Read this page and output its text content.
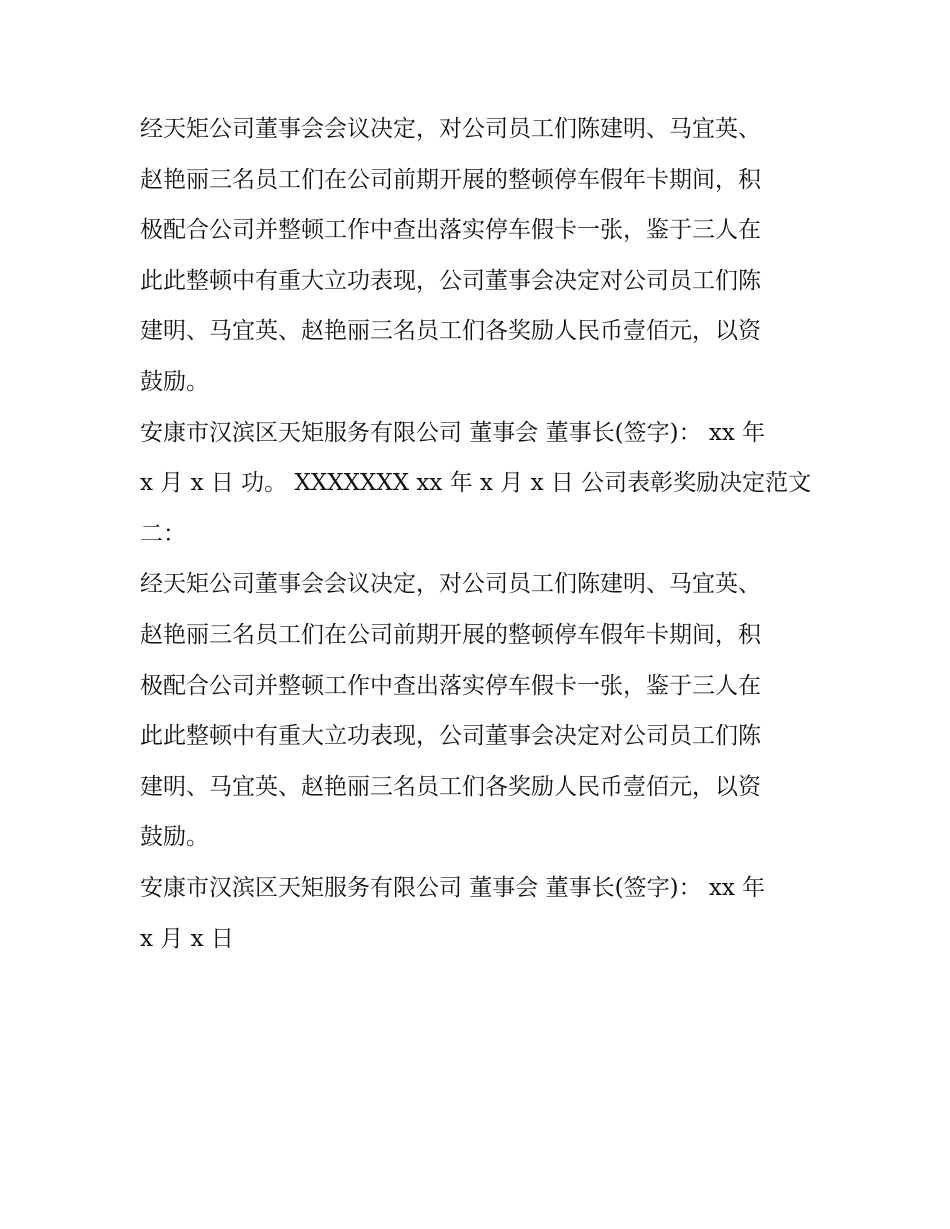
经天矩公司董事会会议决定，对公司员工们陈建明、马宜英、
赵艳丽三名员工们在公司前期开展的整顿停车假年卡期间，积
极配合公司并整顿工作中查出落实停车假卡一张，鉴于三人在
此此整顿中有重大立功表现，公司董事会决定对公司员工们陈
建明、马宜英、赵艳丽三名员工们各奖励人民币壹佰元，以资
鼓励。
安康市汉滨区天矩服务有限公司 董事会 董事长(签字)： xx 年
x 月 x 日 功。 XXXXXXX xx 年 x 月 x 日 公司表彰奖励决定范文
二：
经天矩公司董事会会议决定，对公司员工们陈建明、马宜英、
赵艳丽三名员工们在公司前期开展的整顿停车假年卡期间，积
极配合公司并整顿工作中查出落实停车假卡一张，鉴于三人在
此此整顿中有重大立功表现，公司董事会决定对公司员工们陈
建明、马宜英、赵艳丽三名员工们各奖励人民币壹佰元，以资
鼓励。
安康市汉滨区天矩服务有限公司 董事会 董事长(签字)： xx 年
x 月 x 日
